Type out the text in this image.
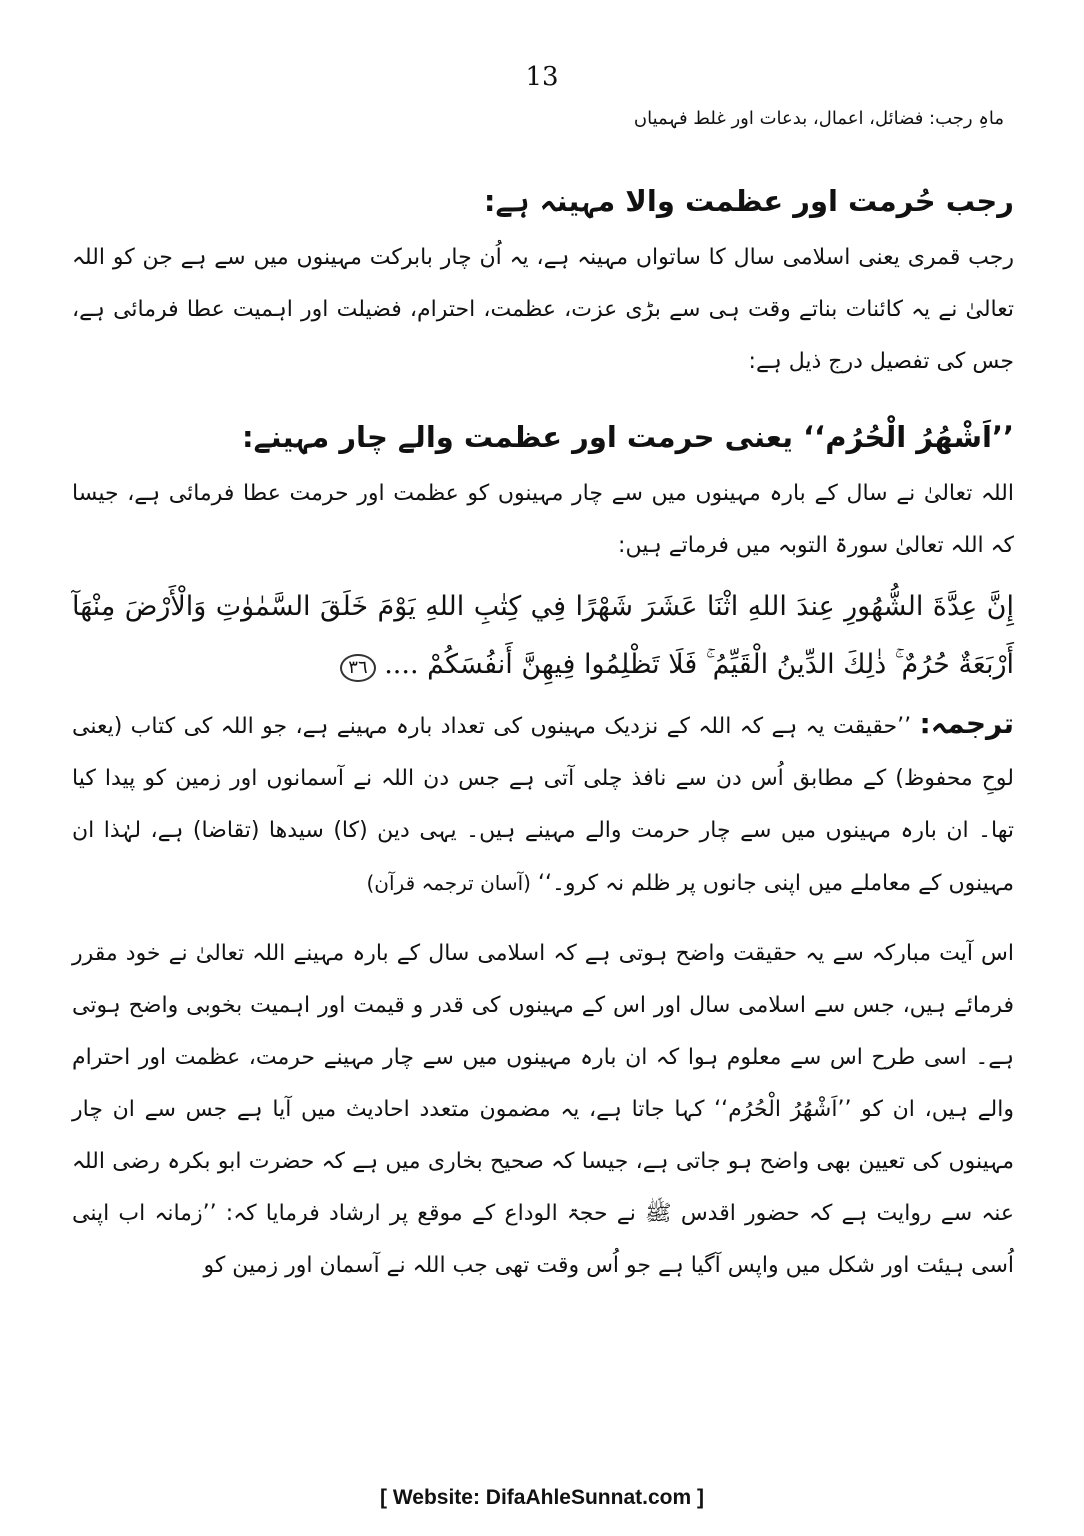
13
ماہِ رجب: فضائل، اعمال، بدعات اور غلط فہمیاں
رجب حُرمت اور عظمت والا مہینہ ہے:

رجب قمری یعنی اسلامی سال کا ساتواں مہینہ ہے، یہ اُن چار بابرکت مہینوں میں سے ہے جن کو اللہ تعالیٰ نے یہ کائنات بناتے وقت ہی سے بڑی عزت، عظمت، احترام، فضیلت اور اہمیت عطا فرمائی ہے، جس کی تفصیل درج ذیل ہے:

’’اَشْهُرُ الْحُرُم‘‘ یعنی حرمت اور عظمت والے چار مہینے:

اللہ تعالیٰ نے سال کے بارہ مہینوں میں سے چار مہینوں کو عظمت اور حرمت عطا فرمائی ہے، جیسا کہ اللہ تعالیٰ سورۃ التوبہ میں فرماتے ہیں:

إِنَّ عِدَّةَ الشُّهُورِ عِندَ اللهِ اثْنَا عَشَرَ شَهْرًا فِي كِتٰبِ اللهِ يَوْمَ خَلَقَ السَّمٰوٰتِ وَالْأَرْضَ مِنْهَآ أَرْبَعَةٌ حُرُمٌ ۚ ذٰلِكَ الدِّينُ الْقَيِّمُ ۚ فَلَا تَظْلِمُوا فِيهِنَّ أَنفُسَكُمْ .... ٣٦

ترجمہ: ’’حقیقت یہ ہے کہ اللہ کے نزدیک مہینوں کی تعداد بارہ مہینے ہے، جو اللہ کی کتاب (یعنی لوحِ محفوظ) کے مطابق اُس دن سے نافذ چلی آتی ہے جس دن اللہ نے آسمانوں اور زمین کو پیدا کیا تھا۔ ان بارہ مہینوں میں سے چار حرمت والے مہینے ہیں۔ یہی دین (کا) سیدھا (تقاضا) ہے، لہٰذا ان مہینوں کے معاملے میں اپنی جانوں پر ظلم نہ کرو۔‘‘ (آسان ترجمہ قرآن)

اس آیت مبارکہ سے یہ حقیقت واضح ہوتی ہے کہ اسلامی سال کے بارہ مہینے اللہ تعالیٰ نے خود مقرر فرمائے ہیں، جس سے اسلامی سال اور اس کے مہینوں کی قدر و قیمت اور اہمیت بخوبی واضح ہوتی ہے۔ اسی طرح اس سے معلوم ہوا کہ ان بارہ مہینوں میں سے چار مہینے حرمت، عظمت اور احترام والے ہیں، ان کو ’’اَشْهُرُ الْحُرُم‘‘ کہا جاتا ہے، یہ مضمون متعدد احادیث میں آیا ہے جس سے ان چار مہینوں کی تعیین بھی واضح ہو جاتی ہے، جیسا کہ صحیح بخاری میں ہے کہ حضرت ابو بکرہ رضی اللہ عنہ سے روایت ہے کہ حضور اقدس ﷺ نے حجۃ الوداع کے موقع پر ارشاد فرمایا کہ: ’’زمانہ اب اپنی اُسی ہیئت اور شکل میں واپس آگیا ہے جو اُس وقت تھی جب اللہ نے آسمان اور زمین کو

[ Website: DifaAhleSunnat.com ]
